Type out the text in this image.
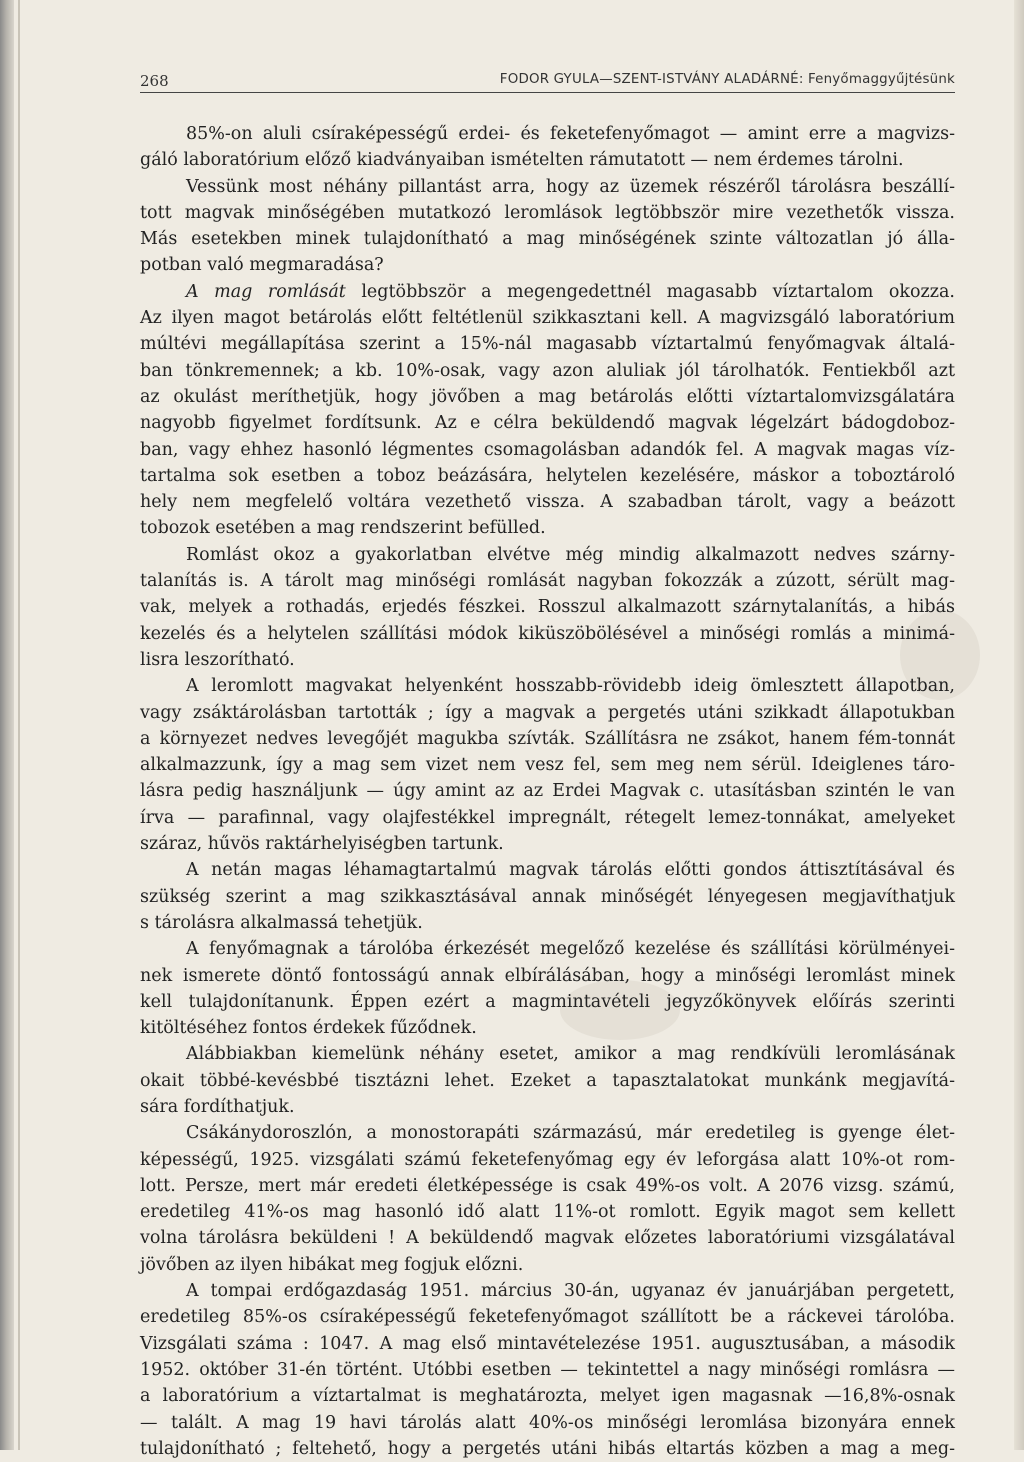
268	FODOR GYULA—SZENT-ISTVÁNY ALADÁRNÉ: Fenyőmaggyűjtésünk
85%-on aluli csíraképességű erdei- és feketefenyőmagot — amint erre a magvizs-
gáló laboratórium előző kiadványaiban ismételten rámutatott — nem érdemes tárolni.
Vessünk most néhány pillantást arra, hogy az üzemek részéről tárolásra beszállí-
tott magvak minőségében mutatkozó leromlások legtöbbször mire vezethetők vissza.
Más esetekben minek tulajdonítható a mag minőségének szinte változatlan jó álla-
potban való megmaradása?
A mag romlását legtöbbször a megengedettnél magasabb víztartalom okozza.
Az ilyen magot betárolás előtt feltétlenül szikkasztani kell. A magvizsgáló laboratórium
múltévi megállapítása szerint a 15%-nál magasabb víztartalmú fenyőmagvak általá-
ban tönkremennek; a kb. 10%-osak, vagy azon aluliak jól tárolhatók. Fentiekből azt
az okulást meríthetjük, hogy jövőben a mag betárolás előtti víztartalomvizsgálatára
nagyobb figyelmet fordítsunk. Az e célra beküldendő magvak légelzárt bádogdoboz-
ban, vagy ehhez hasonló légmentes csomagolásban adandók fel. A magvak magas víz-
tartalma sok esetben a toboz beázására, helytelen kezelésére, máskor a toboztároló
hely nem megfelelő voltára vezethető vissza. A szabadban tárolt, vagy a beázott
tobozok esetében a mag rendszerint befülled.
Romlást okoz a gyakorlatban elvétve még mindig alkalmazott nedves szárny-
talanítás is. A tárolt mag minőségi romlását nagyban fokozzák a zúzott, sérült mag-
vak, melyek a rothadás, erjedés fészkei. Rosszul alkalmazott szárnytalanítás, a hibás
kezelés és a helytelen szállítási módok kiküszöbölésével a minőségi romlás a minimá-
lisra leszorítható.
A leromlott magvakat helyenként hosszabb-rövidebb ideig ömlesztett állapotban,
vagy zsáktárolásban tartották ; így a magvak a pergetés utáni szikkadt állapotukban
a környezet nedves levegőjét magukba szívták. Szállításra ne zsákot, hanem fém-tonnát
alkalmazzunk, így a mag sem vizet nem vesz fel, sem meg nem sérül. Ideiglenes táro-
lásra pedig használjunk — úgy amint az az Erdei Magvak c. utasításban szintén le van
írva — parafinnal, vagy olajfestékkel impregnált, rétegelt lemez-tonnákat, amelyeket
száraz, hűvös raktárhelyiségben tartunk.
A netán magas léhamagtartalmú magvak tárolás előtti gondos áttisztításával és
szükség szerint a mag szikkasztásával annak minőségét lényegesen megjavíthatjuk
s tárolásra alkalmassá tehetjük.
A fenyőmagnak a tárolóba érkezését megelőző kezelése és szállítási körülményei-
nek ismerete döntő fontosságú annak elbírálásában, hogy a minőségi leromlást minek
kell tulajdonítanunk. Éppen ezért a magmintavételi jegyzőkönyvek előírás szerinti
kitöltéséhez fontos érdekek fűződnek.
Alábbiakban kiemelünk néhány esetet, amikor a mag rendkívüli leromlásának
okait többé-kevésbbé tisztázni lehet. Ezeket a tapasztalatokat munkánk megjavítá-
sára fordíthatjuk.
Csákánydoroszlón, a monostorapáti származású, már eredetileg is gyenge élet-
képességű, 1925. vizsgálati számú feketefenyőmag egy év leforgása alatt 10%-ot rom-
lott. Persze, mert már eredeti életképessége is csak 49%-os volt. A 2076 vizsg. számú,
eredetileg 41%-os mag hasonló idő alatt 11%-ot romlott. Egyik magot sem kellett
volna tárolásra beküldeni ! A beküldendő magvak előzetes laboratóriumi vizsgálatával
jövőben az ilyen hibákat meg fogjuk előzni.
A tompai erdőgazdaság 1951. március 30-án, ugyanaz év januárjában pergetett,
eredetileg 85%-os csíraképességű feketefenyőmagot szállított be a ráckevei tárolóba.
Vizsgálati száma : 1047. A mag első mintavételezése 1951. augusztusában, a második
1952. október 31-én történt. Utóbbi esetben — tekintettel a nagy minőségi romlásra —
a laboratórium a víztartalmat is meghatározta, melyet igen magasnak —16,8%-osnak
— talált. A mag 19 havi tárolás alatt 40%-os minőségi leromlása bizonyára ennek
tulajdonítható ; feltehető, hogy a pergetés utáni hibás eltartás közben a mag a meg-
